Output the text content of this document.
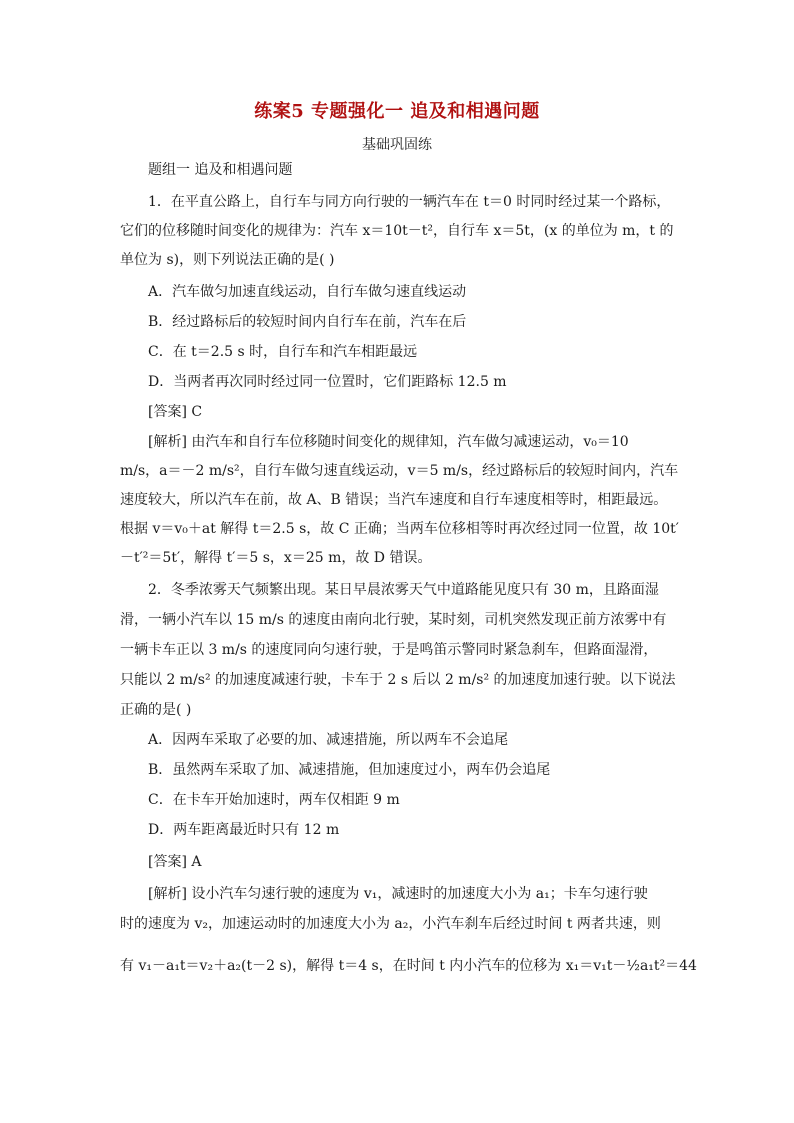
练案5 专题强化一 追及和相遇问题
基础巩固练
题组一 追及和相遇问题
1．在平直公路上，自行车与同方向行驶的一辆汽车在 t＝0 时同时经过某一个路标，
它们的位移随时间变化的规律为：汽车 x＝10t－t²，自行车 x＝5t，(x 的单位为 m，t 的
单位为 s)，则下列说法正确的是( )
A．汽车做匀加速直线运动，自行车做匀速直线运动
B．经过路标后的较短时间内自行车在前，汽车在后
C．在 t＝2.5 s 时，自行车和汽车相距最远
D．当两者再次同时经过同一位置时，它们距路标 12.5 m
[答案] C
[解析] 由汽车和自行车位移随时间变化的规律知，汽车做匀减速运动，v₀＝10
m/s，a＝－2 m/s²，自行车做匀速直线运动，v＝5 m/s，经过路标后的较短时间内，汽车
速度较大，所以汽车在前，故 A、B 错误；当汽车速度和自行车速度相等时，相距最远。
根据 v＝v₀＋at 解得 t＝2.5 s，故 C 正确；当两车位移相等时再次经过同一位置，故 10t′
－t′²＝5t′，解得 t′＝5 s，x＝25 m，故 D 错误。
2．冬季浓雾天气频繁出现。某日早晨浓雾天气中道路能见度只有 30 m，且路面湿
滑，一辆小汽车以 15 m/s 的速度由南向北行驶，某时刻，司机突然发现正前方浓雾中有
一辆卡车正以 3 m/s 的速度同向匀速行驶，于是鸣笛示警同时紧急刹车，但路面湿滑，
只能以 2 m/s² 的加速度减速行驶，卡车于 2 s 后以 2 m/s² 的加速度加速行驶。以下说法
正确的是( )
A．因两车采取了必要的加、减速措施，所以两车不会追尾
B．虽然两车采取了加、减速措施，但加速度过小，两车仍会追尾
C．在卡车开始加速时，两车仅相距 9 m
D．两车距离最近时只有 12 m
[答案] A
[解析] 设小汽车匀速行驶的速度为 v₁，减速时的加速度大小为 a₁；卡车匀速行驶
时的速度为 v₂，加速运动时的加速度大小为 a₂，小汽车刹车后经过时间 t 两者共速，则
有 v₁－a₁t＝v₂＋a₂(t－2 s)，解得 t＝4 s，在时间 t 内小汽车的位移为 x₁＝v₁t－½a₁t²＝44
